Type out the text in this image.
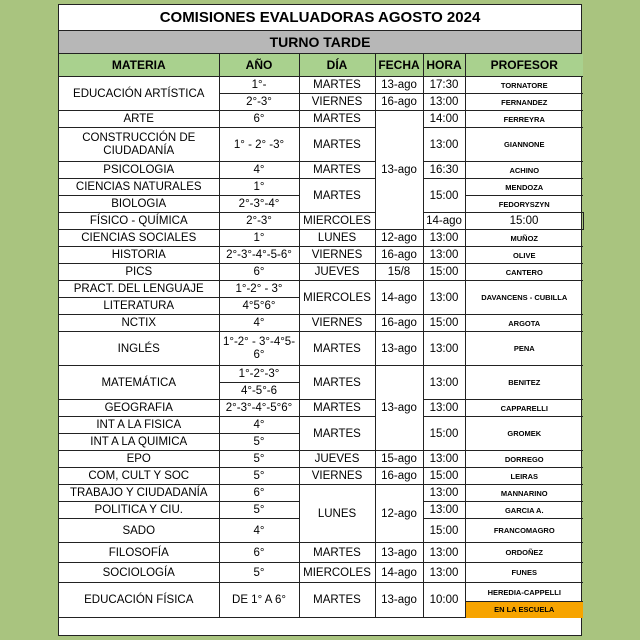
COMISIONES EVALUADORAS AGOSTO 2024
TURNO TARDE
MATERIA	AÑO	DÍA	FECHA	HORA	PROFESOR	
EDUCACIÓN ARTÍSTICA	1°-	MARTES	13-ago	17:30	TORNATORE	
	2°-3°	VIERNES	16-ago	13:00	FERNANDEZ	
ARTE	6°	MARTES	13-ago	14:00	FERREYRA	
CONSTRUCCIÓN DE CIUDADANÍA	1° - 2° -3°	MARTES		13:00	GIANNONE	
PSICOLOGIA	4°	MARTES		16:30	ACHINO	
CIENCIAS NATURALES	1°	MARTES		15:00	MENDOZA	
BIOLOGIA	2°-3°-4°				FEDORYSZYN	
FÍSICO - QUÍMICA	2°-3°	MIERCOLES		14-ago	15:00	
CIENCIAS SOCIALES	1°	LUNES	12-ago	13:00	MUÑOZ	
HISTORIA	2°-3°-4°-5-6°	VIERNES	16-ago	13:00	OLIVE	
PICS	6°	JUEVES	15/8	15:00	CANTERO	
PRACT. DEL LENGUAJE	1°-2° - 3°	MIERCOLES	14-ago	13:00	DAVANCENS - CUBILLA	
LITERATURA	4°5°6°					
NCTIX	4°	VIERNES	16-ago	15:00	ARGOTA	
INGLÉS	1°-2° - 3°-4°5-6°	MARTES	13-ago	13:00	PENA	
MATEMÁTICA	1°-2°-3°	MARTES	13-ago	13:00	BENITEZ	
	4°-5°-6					
GEOGRAFIA	2°-3°-4°-5°6°	MARTES		13:00	CAPPARELLI	
INT A LA FISICA	4°	MARTES		15:00	GROMEK	
INT A LA QUIMICA	5°					
EPO	5°	JUEVES	15-ago	13:00	DORREGO	
COM, CULT Y SOC	5°	VIERNES	16-ago	15:00	LEIRAS	
TRABAJO Y CIUDADANÍA	6°	LUNES	12-ago	13:00	MANNARINO	
POLITICA Y CIU.	5°			13:00	GARCIA A.	
SADO	4°			15:00	FRANCOMAGRO	
FILOSOFÍA	6°	MARTES	13-ago	13:00	ORDOÑEZ	
SOCIOLOGÍA	5°	MIERCOLES	14-ago	13:00	FUNES	
EDUCACIÓN FÍSICA	DE 1° A 6°	MARTES	13-ago	10:00	HEREDIA-CAPPELLI	
					EN LA ESCUELA	
